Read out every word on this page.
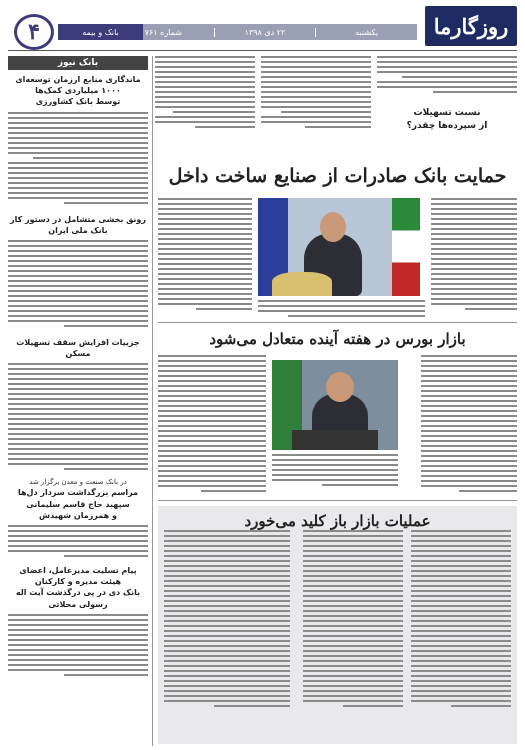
روزگارما
یکشنبه
۲۲ دی ۱۳۹۸
شماره ۷۶۱
بانک و بیمه
۴
نسبت تسهیلات
از سپرده‌ها چقدر؟
بانک نیوز
ماندگاری منابع ارزمان توسعه‌ای ۱۰۰۰ میلیاردی کمک‌ها
توسط بانک کشاورزی
رونق بخشی متشامل در دستور کار بانک ملی ایران
جزییات افزایش سقف تسهیلات مسکن
در بانک صنعت و معدن برگزار شد
مراسم بزرگداشت سردار دل‌ها سپهبد حاج قاسم سلیمانی
و همرزمان شهیدش
پیام تسلیت مدیرعامل، اعضای هیئت مدیره و کارکنان
بانک دی در پی درگذشت آیت اله رسولی محلاتی
حمایت بانک صادرات از صنایع ساخت داخل
بازار بورس در هفته آینده متعادل می‌شود
عملیات بازار باز کلید می‌خورد
